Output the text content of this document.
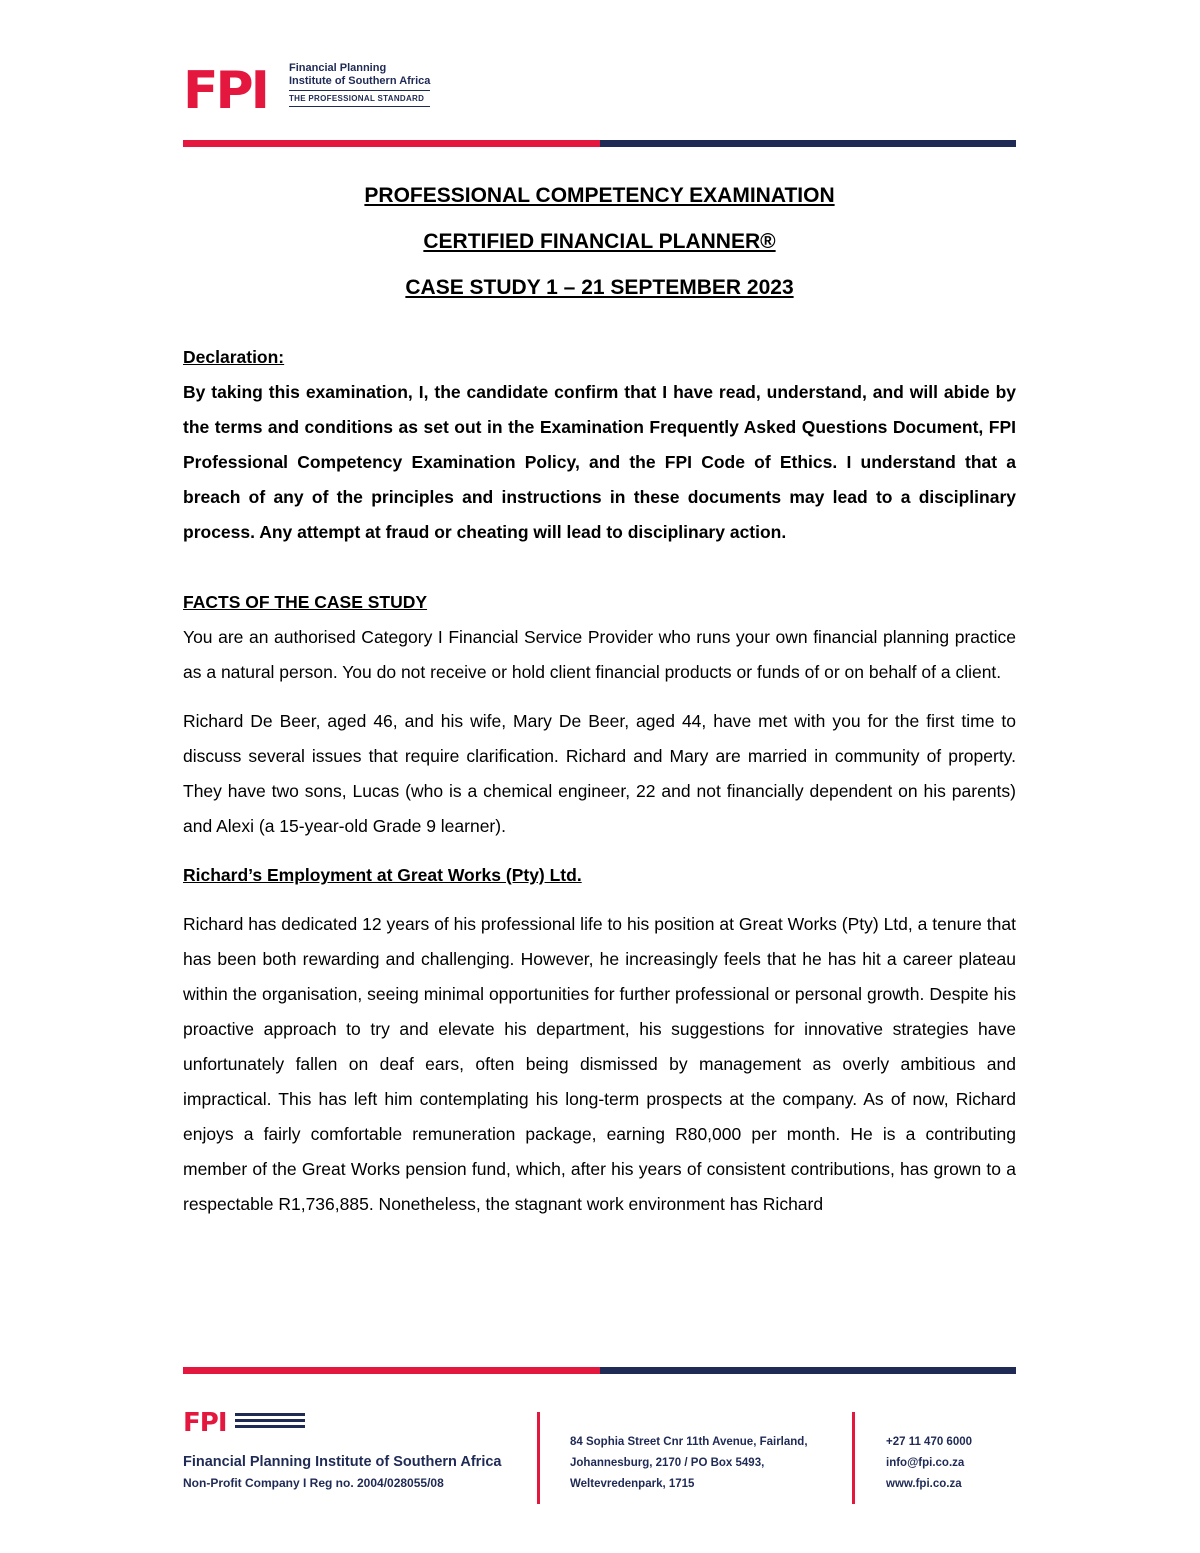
FPI Financial Planning
Institute of Southern Africa
THE PROFESSIONAL STANDARD

PROFESSIONAL COMPETENCY EXAMINATION

CERTIFIED FINANCIAL PLANNER®

CASE STUDY 1 – 21 SEPTEMBER 2023

Declaration:

By taking this examination, I, the candidate confirm that I have read, understand, and will abide by the terms and conditions as set out in the Examination Frequently Asked Questions Document, FPI Professional Competency Examination Policy, and the FPI Code of Ethics. I understand that a breach of any of the principles and instructions in these documents may lead to a disciplinary process. Any attempt at fraud or cheating will lead to disciplinary action.

FACTS OF THE CASE STUDY

You are an authorised Category I Financial Service Provider who runs your own financial planning practice as a natural person. You do not receive or hold client financial products or funds of or on behalf of a client.

Richard De Beer, aged 46, and his wife, Mary De Beer, aged 44, have met with you for the first time to discuss several issues that require clarification. Richard and Mary are married in community of property. They have two sons, Lucas (who is a chemical engineer, 22 and not financially dependent on his parents) and Alexi (a 15-year-old Grade 9 learner).

Richard’s Employment at Great Works (Pty) Ltd.

Richard has dedicated 12 years of his professional life to his position at Great Works (Pty) Ltd, a tenure that has been both rewarding and challenging. However, he increasingly feels that he has hit a career plateau within the organisation, seeing minimal opportunities for further professional or personal growth. Despite his proactive approach to try and elevate his department, his suggestions for innovative strategies have unfortunately fallen on deaf ears, often being dismissed by management as overly ambitious and impractical. This has left him contemplating his long-term prospects at the company. As of now, Richard enjoys a fairly comfortable remuneration package, earning R80,000 per month. He is a contributing member of the Great Works pension fund, which, after his years of consistent contributions, has grown to a respectable R1,736,885. Nonetheless, the stagnant work environment has Richard

FPI
Financial Planning Institute of Southern Africa
Non-Profit Company I Reg no. 2004/028055/08
84 Sophia Street Cnr 11th Avenue, Fairland,
Johannesburg, 2170 / PO Box 5493,
Weltevredenpark, 1715
+27 11 470 6000
info@fpi.co.za
www.fpi.co.za
